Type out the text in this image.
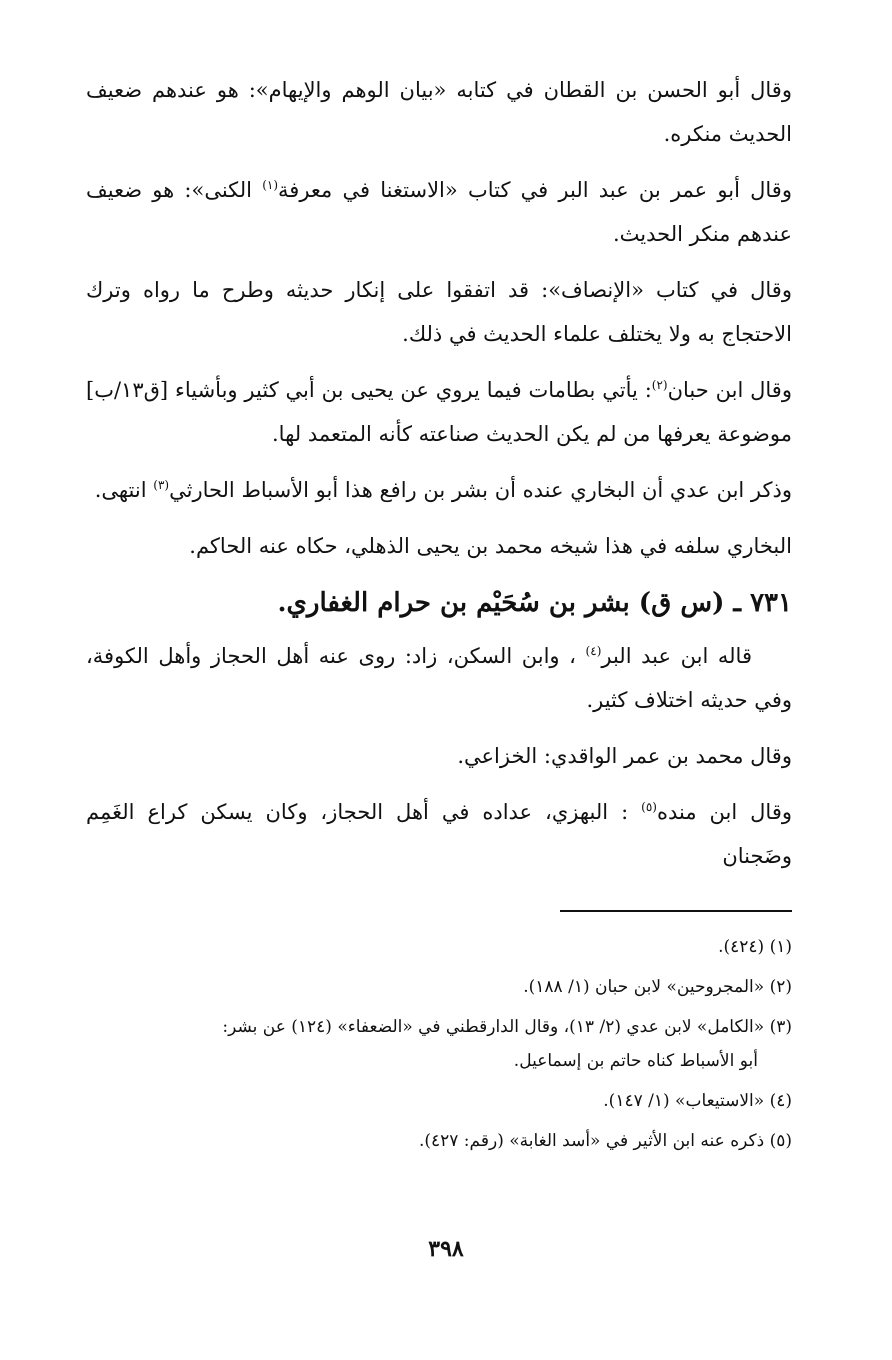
وقال أبو الحسن بن القطان في كتابه «بيان الوهم والإيهام»: هو عندهم ضعيف الحديث منكره.

وقال أبو عمر بن عبد البر في كتاب «الاستغنا في معرفة$^{(١)}$ الكنى»: هو ضعيف عندهم منكر الحديث.

وقال في كتاب «الإنصاف»: قد اتفقوا على إنكار حديثه وطرح ما رواه وترك الاحتجاج به ولا يختلف علماء الحديث في ذلك.

وقال ابن حبان$^{(٢)}$: يأتي بطامات فيما يروي عن يحيى بن أبي كثير وبأشياء [ق١٣/ب] موضوعة يعرفها من لم يكن الحديث صناعته كأنه المتعمد لها.

وذكر ابن عدي أن البخاري عنده أن بشر بن رافع هذا أبو الأسباط الحارثي$^{(٣)}$ انتهى.

البخاري سلفه في هذا شيخه محمد بن يحيى الذهلي، حكاه عنه الحاكم.

٧٣١ ـ (س ق) بشر بن سُحَيْم بن حرام الغفاري.

قاله ابن عبد البر$^{(٤)}$ ، وابن السكن، زاد: روى عنه أهل الحجاز وأهل الكوفة، وفي حديثه اختلاف كثير.

وقال محمد بن عمر الواقدي: الخزاعي.

وقال ابن منده$^{(٥)}$ : البهزي، عداده في أهل الحجاز، وكان يسكن كراع الغَمِم وضَجنان

(١) (٤٢٤).
(٢) «المجروحين» لابن حبان (١/ ١٨٨).
(٣) «الكامل» لابن عدي (٢/ ١٣)، وقال الدارقطني في «الضعفاء» (١٢٤) عن بشر:
أبو الأسباط كناه حاتم بن إسماعيل.
(٤) «الاستيعاب» (١/ ١٤٧).
(٥) ذكره عنه ابن الأثير في «أسد الغابة» (رقم: ٤٢٧).
٣٩٨
